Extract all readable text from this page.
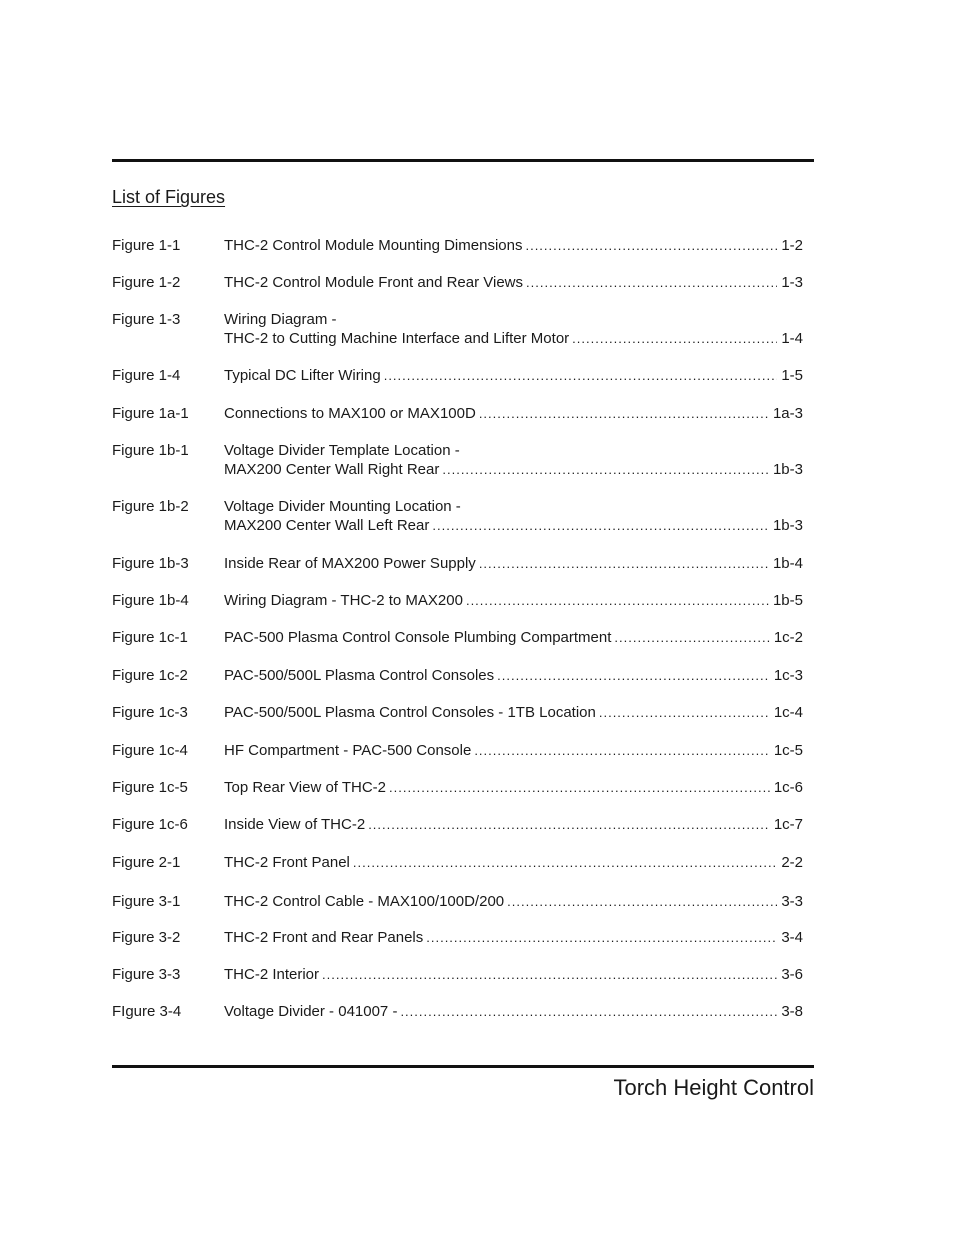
List of Figures
Figure 1-1	THC-2 Control Module Mounting Dimensions .....	1-2
Figure 1-2	THC-2 Control Module Front and Rear Views .....	1-3
Figure 1-3	Wiring Diagram -
THC-2 to Cutting Machine Interface and Lifter Motor .....	1-4
Figure 1-4	Typical DC Lifter Wiring .....	1-5
Figure 1a-1 Connections to MAX100 or MAX100D .....	1a-3
Figure 1b-1 Voltage Divider Template Location -
MAX200 Center Wall Right Rear .....	1b-3
Figure 1b-2 Voltage Divider Mounting Location -
MAX200 Center Wall Left Rear .....	1b-3
Figure 1b-3 Inside Rear of MAX200 Power Supply .....	1b-4
Figure 1b-4 Wiring Diagram - THC-2 to MAX200 .....	1b-5
Figure 1c-1 PAC-500 Plasma Control Console Plumbing Compartment .....	1c-2
Figure 1c-2 PAC-500/500L Plasma Control Consoles .....	1c-3
Figure 1c-3 PAC-500/500L Plasma Control Consoles - 1TB Location .....	1c-4
Figure 1c-4 HF Compartment - PAC-500 Console .....	1c-5
Figure 1c-5 Top Rear View of THC-2 .....	1c-6
Figure 1c-6 Inside View of THC-2 .....	1c-7
Figure 2-1	THC-2 Front Panel .....	2-2
Figure 3-1	THC-2 Control Cable - MAX100/100D/200 .....	3-3
Figure 3-2	THC-2 Front and Rear Panels .....	3-4
Figure 3-3	THC-2 Interior .....	3-6
FIgure 3-4	Voltage Divider - 041007 - .....	3-8
Torch Height Control
